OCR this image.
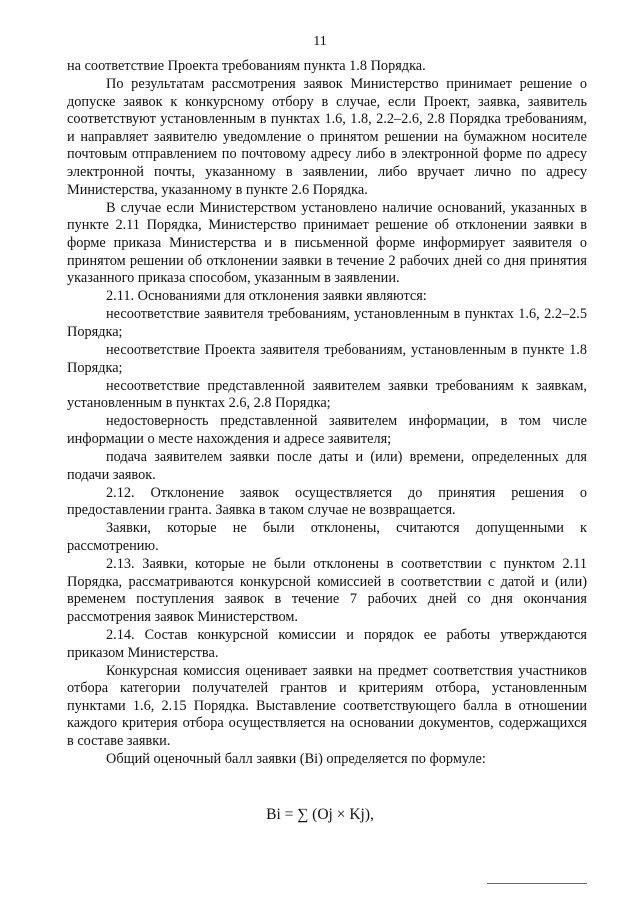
11

на соответствие Проекта требованиям пункта 1.8 Порядка.

По результатам рассмотрения заявок Министерство принимает решение о допуске заявок к конкурсному отбору в случае, если Проект, заявка, заявитель соответствуют установленным в пунктах 1.6, 1.8, 2.2–2.6, 2.8 Порядка требованиям, и направляет заявителю уведомление о принятом решении на бумажном носителе почтовым отправлением по почтовому адресу либо в электронной форме по адресу электронной почты, указанному в заявлении, либо вручает лично по адресу Министерства, указанному в пункте 2.6 Порядка.

В случае если Министерством установлено наличие оснований, указанных в пункте 2.11 Порядка, Министерство принимает решение об отклонении заявки в форме приказа Министерства и в письменной форме информирует заявителя о принятом решении об отклонении заявки в течение 2 рабочих дней со дня принятия указанного приказа способом, указанным в заявлении.

2.11. Основаниями для отклонения заявки являются:

несоответствие заявителя требованиям, установленным в пунктах 1.6, 2.2–2.5 Порядка;

несоответствие Проекта заявителя требованиям, установленным в пункте 1.8 Порядка;

несоответствие представленной заявителем заявки требованиям к заявкам, установленным в пунктах 2.6, 2.8 Порядка;

недостоверность представленной заявителем информации, в том числе информации о месте нахождения и адресе заявителя;

подача заявителем заявки после даты и (или) времени, определенных для подачи заявок.

2.12. Отклонение заявок осуществляется до принятия решения о предоставлении гранта. Заявка в таком случае не возвращается.

Заявки, которые не были отклонены, считаются допущенными к рассмотрению.

2.13. Заявки, которые не были отклонены в соответствии с пунктом 2.11 Порядка, рассматриваются конкурсной комиссией в соответствии с датой и (или) временем поступления заявок в течение 7 рабочих дней со дня окончания рассмотрения заявок Министерством.

2.14. Состав конкурсной комиссии и порядок ее работы утверждаются приказом Министерства.

Конкурсная комиссия оценивает заявки на предмет соответствия участников отбора категории получателей грантов и критериям отбора, установленным пунктами 1.6, 2.15 Порядка. Выставление соответствующего балла в отношении каждого критерия отбора осуществляется на основании документов, содержащихся в составе заявки.

Общий оценочный балл заявки (Bi) определяется по формуле:

Bi = ∑ (Oj × Kj),
